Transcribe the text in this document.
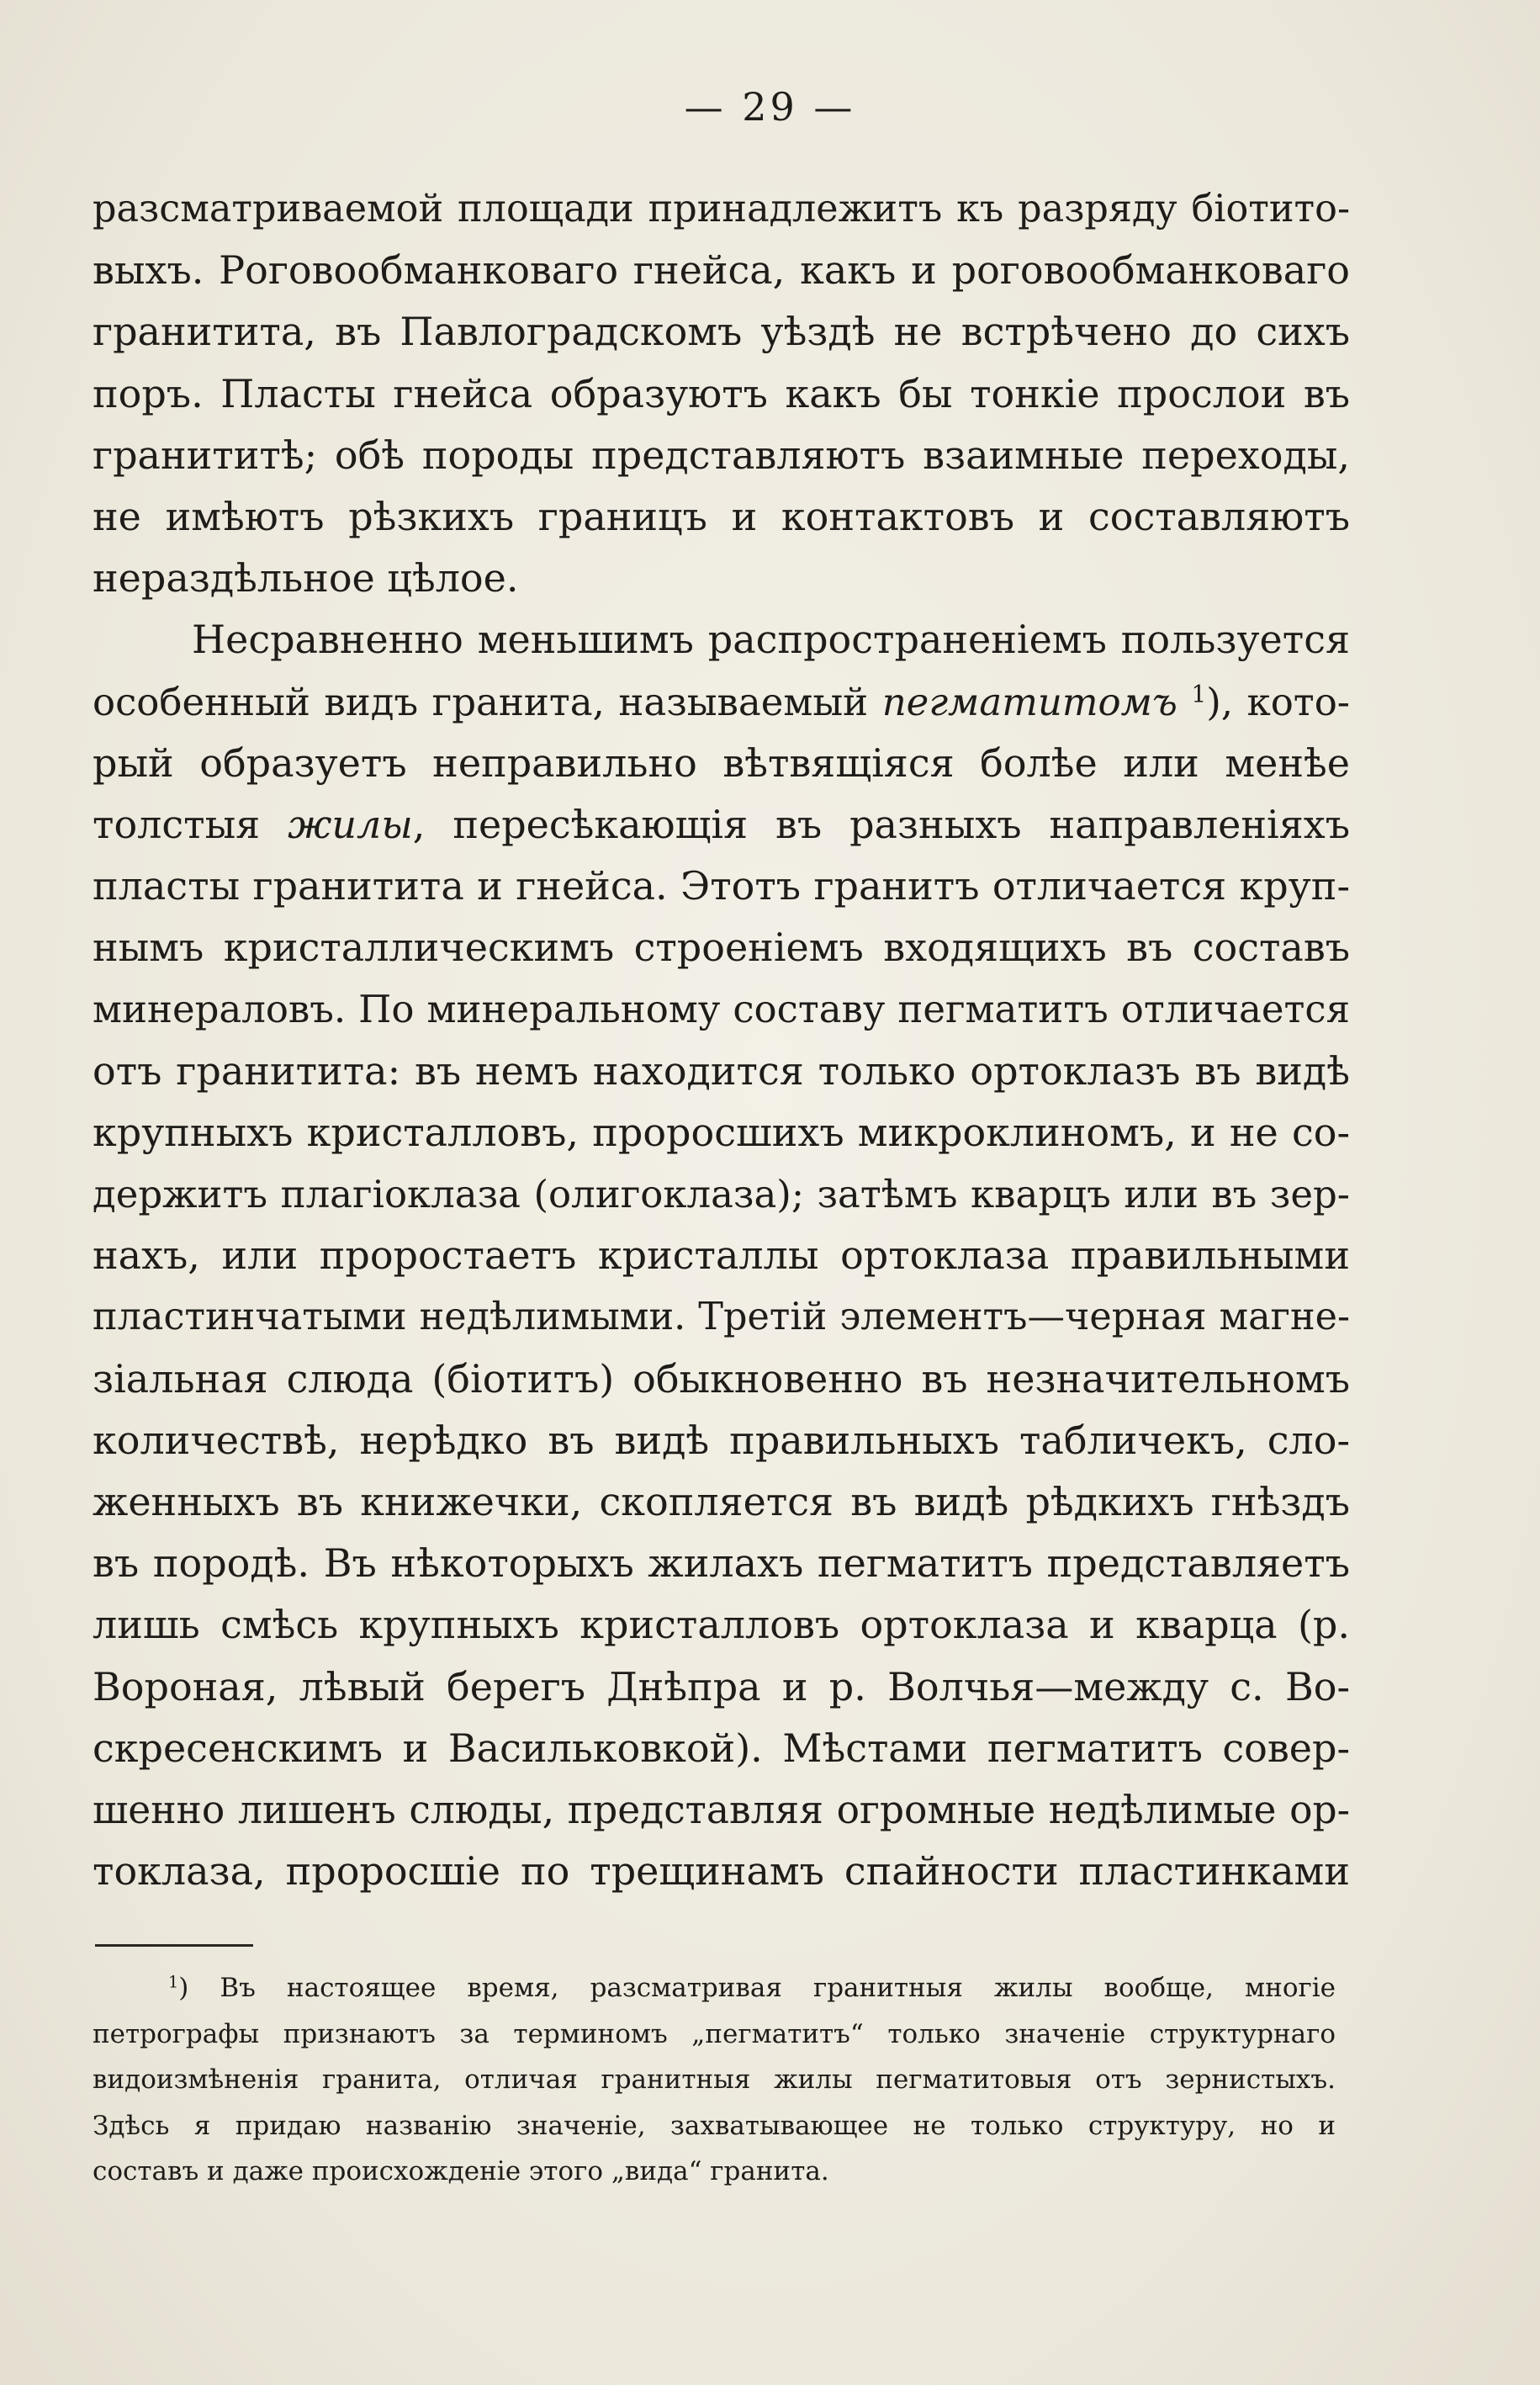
— 29 —
разсматриваемой площади принадлежитъ къ разряду біотито-
выхъ. Роговообманковаго гнейса, какъ и роговообманковаго
гранитита, въ Павлоградскомъ уѣздѣ не встрѣчено до сихъ
поръ. Пласты гнейса образуютъ какъ бы тонкіе прослои въ
гранититѣ; обѣ породы представляютъ взаимные переходы,
не имѣютъ рѣзкихъ границъ и контактовъ и составляютъ
нераздѣльное цѣлое.
Несравненно меньшимъ распространеніемъ пользуется
особенный видъ гранита, называемый пегматитомъ $^1$), кото-
рый образуетъ неправильно вѣтвящіяся болѣе или менѣе
толстыя жилы, пересѣкающія въ разныхъ направленіяхъ
пласты гранитита и гнейса. Этотъ гранитъ отличается круп-
нымъ кристаллическимъ строеніемъ входящихъ въ составъ
минераловъ. По минеральному составу пегматитъ отличается
отъ гранитита: въ немъ находится только ортоклазъ въ видѣ
крупныхъ кристалловъ, проросшихъ микроклиномъ, и не со-
держитъ плагіоклаза (олигоклаза); затѣмъ кварцъ или въ зер-
нахъ, или проростаетъ кристаллы ортоклаза правильными
пластинчатыми недѣлимыми. Третій элементъ—черная магне-
зіальная слюда (біотитъ) обыкновенно въ незначительномъ
количествѣ, нерѣдко въ видѣ правильныхъ табличекъ, сло-
женныхъ въ книжечки, скопляется въ видѣ рѣдкихъ гнѣздъ
въ породѣ. Въ нѣкоторыхъ жилахъ пегматитъ представляетъ
лишь смѣсь крупныхъ кристалловъ ортоклаза и кварца (р.
Вороная, лѣвый берегъ Днѣпра и р. Волчья—между с. Во-
скресенскимъ и Васильковкой). Мѣстами пегматитъ совер-
шенно лишенъ слюды, представляя огромные недѣлимые ор-
токлаза, проросшіе по трещинамъ спайности пластинками
$^1$) Въ настоящее время, разсматривая гранитныя жилы вообще, многіе
петрографы признаютъ за терминомъ „пегматитъ“ только значеніе структурнаго
видоизмѣненія гранита, отличая гранитныя жилы пегматитовыя отъ зернистыхъ.
Здѣсь я придаю названію значеніе, захватывающее не только структуру, но и
составъ и даже происхожденіе этого „вида“ гранита.
